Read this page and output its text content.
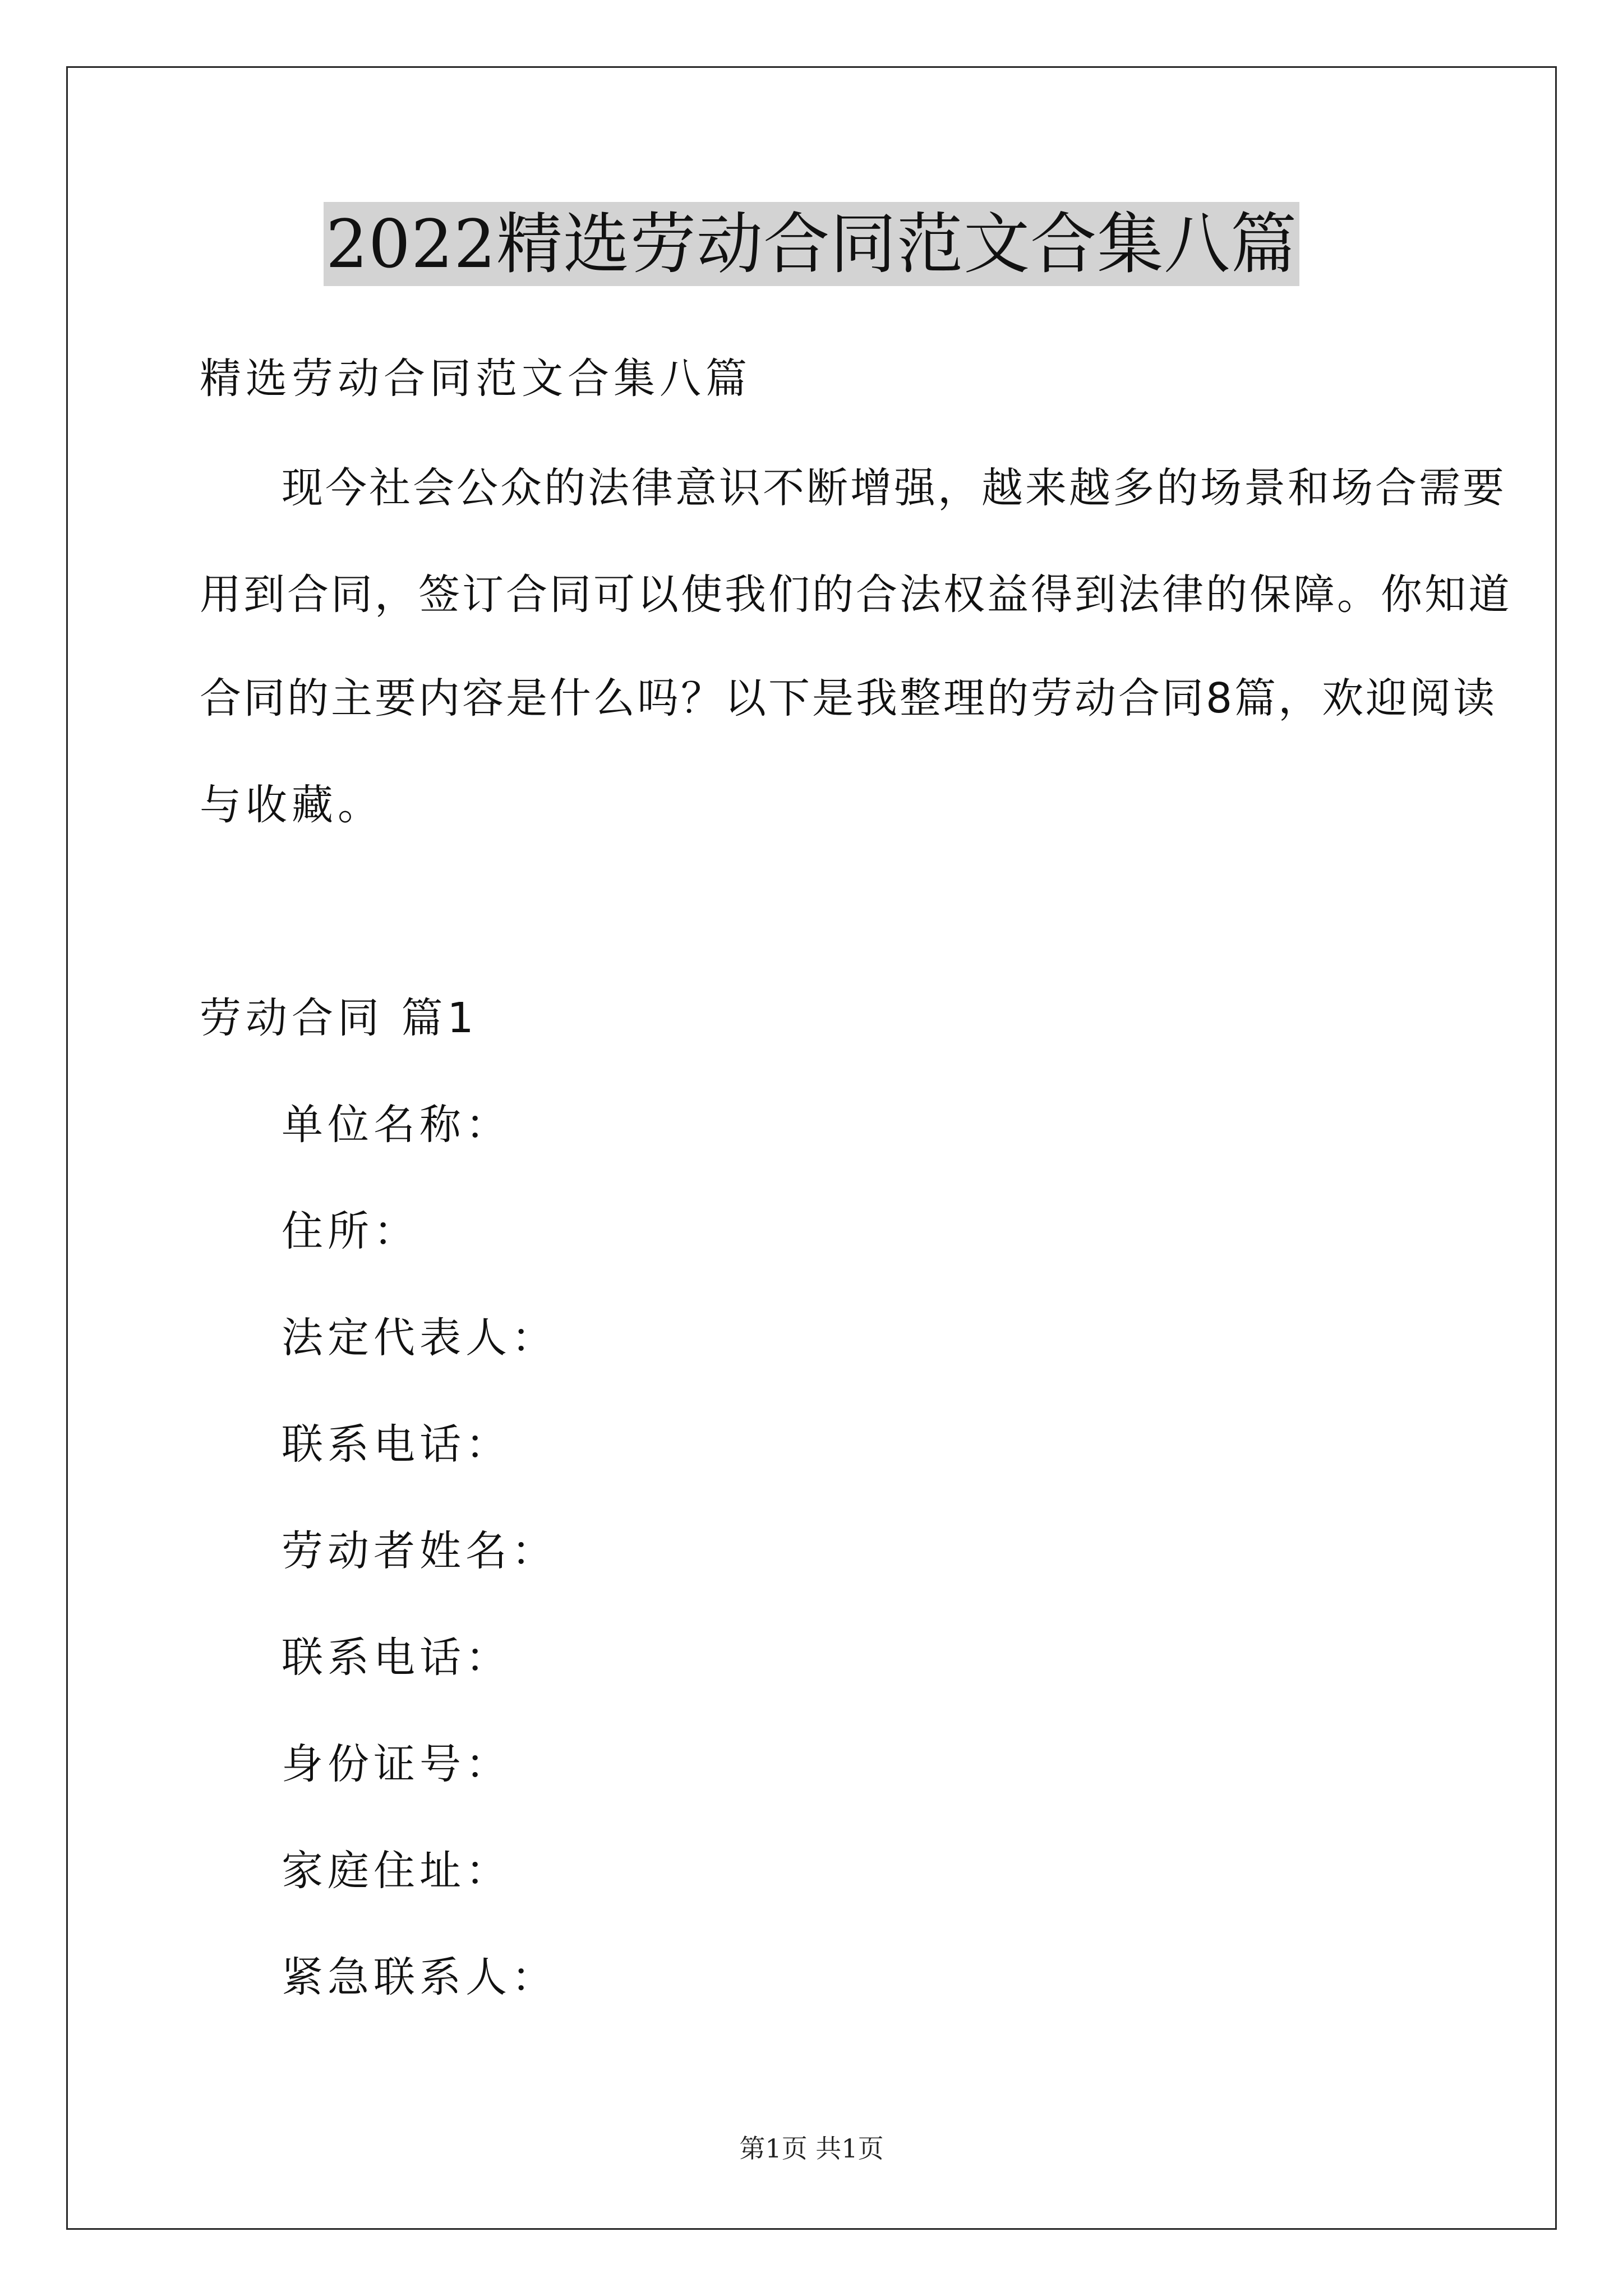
2022精选劳动合同范文合集八篇
精选劳动合同范文合集八篇
现今社会公众的法律意识不断增强，越来越多的场景和场合需要
用到合同，签订合同可以使我们的合法权益得到法律的保障。你知道
合同的主要内容是什么吗？以下是我整理的劳动合同8篇，欢迎阅读
与收藏。
劳动合同 篇1
单位名称：
住所：
法定代表人：
联系电话：
劳动者姓名：
联系电话：
身份证号：
家庭住址：
紧急联系人：
第1页 共1页
